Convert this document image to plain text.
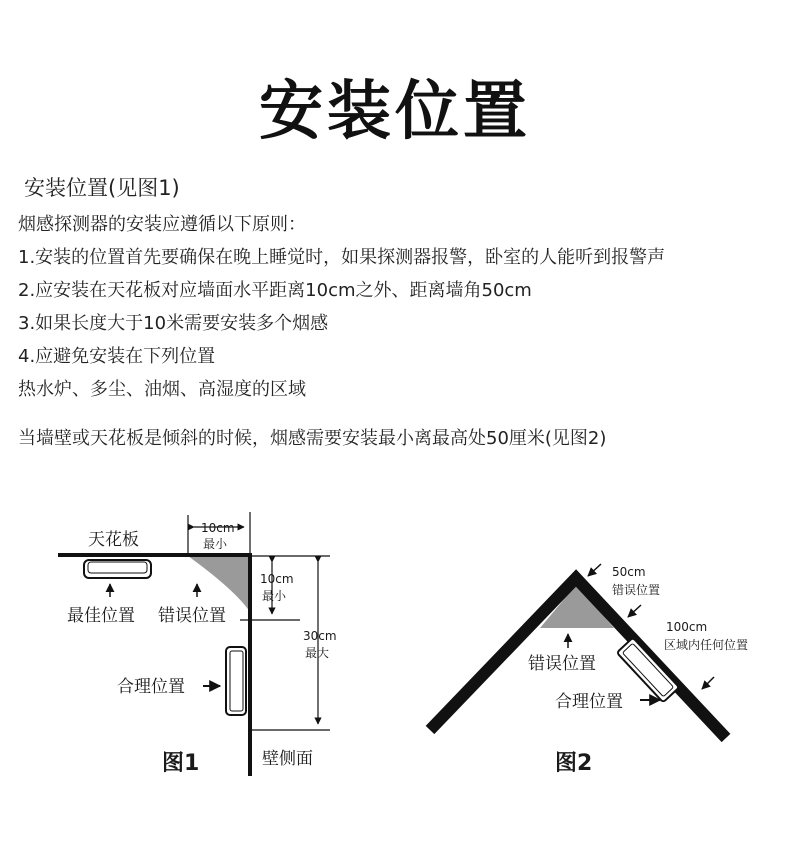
安装位置
安装位置(见图1)
烟感探测器的安装应遵循以下原则：
1.安装的位置首先要确保在晚上睡觉时，如果探测器报警，卧室的人能听到报警声
2.应安装在天花板对应墙面水平距离10cm之外、距离墙角50cm
3.如果长度大于10米需要安装多个烟感
4.应避免安装在下列位置
热水炉、多尘、油烟、高湿度的区域
当墙壁或天花板是倾斜的时候，烟感需要安装最小离最高处50厘米(见图2)
天花板
10cm
最小
10cm
最小
30cm
最大
最佳位置 错误位置
合理位置
壁侧面
图1
50cm
错误位置
100cm
区域内任何位置
错误位置
合理位置
图2
